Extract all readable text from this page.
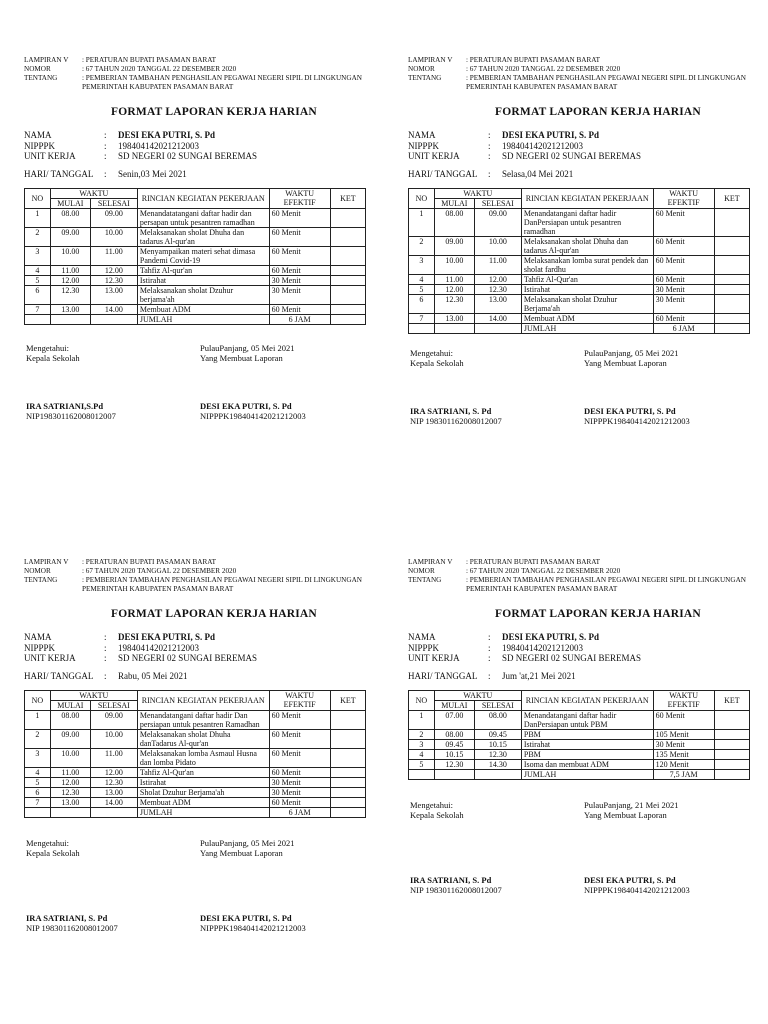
LAMPIRAN V	: PERATURAN BUPATI PASAMAN BARAT
NOMOR	: 67 TAHUN 2020 TANGGAL 22 DESEMBER 2020
TENTANG	: PEMBERIAN TAMBAHAN PENGHASILAN PEGAWAI NEGERI SIPIL DI LINGKUNGAN PEMERINTAH KABUPATEN PASAMAN BARAT
FORMAT LAPORAN KERJA HARIAN
NAMA	:	DESI EKA PUTRI, S. Pd
NIPPPK	:	198404142021212003
UNIT KERJA	:	SD NEGERI 02 SUNGAI BEREMAS
HARI/ TANGGAL	:	Senin,03 Mei 2021
NO	WAKTU		RINCIAN KEGIATAN PEKERJAAN	WAKTU EFEKTIF	KET
	MULAI	SELESAI			
1	08.00	09.00	Menandatatangani daftar hadir dan persapan untuk pesantren ramadhan	60 Menit	
2	09.00	10.00	Melaksanakan sholat Dhuha dan tadarus Al-qur'an	60 Menit	
3	10.00	11.00	Menyampaikan materi sehat dimasa Pandemi Covid-19	60 Menit	
4	11.00	12.00	Tahfiz Al-qur'an	60 Menit	
5	12.00	12.30	Istirahat	30 Menit	
6	12.30	13.00	Melaksanakan sholat Dzuhur berjama'ah	30 Menit	
7	13.00	14.00	Membuat ADM	60 Menit	
			JUMLAH	6 JAM	
Mengetahui:
Kepala Sekolah
IRA SATRIANI,S.Pd
NIP198301162008012007
PulauPanjang, 05 Mei 2021
Yang Membuat Laporan
DESI EKA PUTRI, S. Pd
NIPPPK198404142021212003
LAMPIRAN V	: PERATURAN BUPATI PASAMAN BARAT
NOMOR	: 67 TAHUN 2020 TANGGAL 22 DESEMBER 2020
TENTANG	: PEMBERIAN TAMBAHAN PENGHASILAN PEGAWAI NEGERI SIPIL DI LINGKUNGAN PEMERINTAH KABUPATEN PASAMAN BARAT
FORMAT LAPORAN KERJA HARIAN
NAMA	:	DESI EKA PUTRI, S. Pd
NIPPPK	:	198404142021212003
UNIT KERJA	:	SD NEGERI 02 SUNGAI BEREMAS
HARI/ TANGGAL	:	Selasa,04 Mei 2021
NO	WAKTU		RINCIAN KEGIATAN PEKERJAAN	WAKTU EFEKTIF	KET
	MULAI	SELESAI			
1	08.00	09.00	Menandatangani daftar hadir DanPersiapan untuk pesantren ramadhan	60 Menit	
2	09.00	10.00	Melaksanakan sholat Dhuha dan tadarus Al-qur'an	60 Menit	
3	10.00	11.00	Melaksanakan lomba surat pendek dan sholat fardhu	60 Menit	
4	11.00	12.00	Tahfiz Al-Qur'an	60 Menit	
5	12.00	12.30	Istirahat	30 Menit	
6	12.30	13.00	Melaksanakan sholat Dzuhur Berjama'ah	30 Menit	
7	13.00	14.00	Membuat ADM	60 Menit	
			JUMLAH	6 JAM	
Mengetahui:
Kepala Sekolah
IRA SATRIANI, S. Pd
NIP 198301162008012007
PulauPanjang, 05 Mei 2021
Yang Membuat Laporan
DESI EKA PUTRI, S. Pd
NIPPPK198404142021212003
LAMPIRAN V	: PERATURAN BUPATI PASAMAN BARAT
NOMOR	: 67 TAHUN 2020 TANGGAL 22 DESEMBER 2020
TENTANG	: PEMBERIAN TAMBAHAN PENGHASILAN PEGAWAI NEGERI SIPIL DI LINGKUNGAN PEMERINTAH KABUPATEN PASAMAN BARAT
FORMAT LAPORAN KERJA HARIAN
NAMA	:	DESI EKA PUTRI, S. Pd
NIPPPK	:	198404142021212003
UNIT KERJA	:	SD NEGERI 02 SUNGAI BEREMAS
HARI/ TANGGAL	:	Rabu, 05 Mei 2021
NO	WAKTU		RINCIAN KEGIATAN PEKERJAAN	WAKTU EFEKTIF	KET
	MULAI	SELESAI			
1	08.00	09.00	Menandatangani daftar hadir Dan persiapan untuk pesantren Ramadhan	60 Menit	
2	09.00	10.00	Melaksanakan sholat Dhuha danTadarus Al-qur'an	60 Menit	
3	10.00	11.00	Melaksanakan lomba Asmaul Husna dan lomba Pidato	60 Menit	
4	11.00	12.00	Tahfiz Al-Qur'an	60 Menit	
5	12.00	12.30	Istirahat	30 Menit	
6	12.30	13.00	Sholat Dzuhur Berjama'ah	30 Menit	
7	13.00	14.00	Membuat ADM	60 Menit	
			JUMLAH	6 JAM	
Mengetahui:
Kepala Sekolah
IRA SATRIANI, S. Pd
NIP 198301162008012007
PulauPanjang, 05 Mei 2021
Yang Membuat Laporan
DESI EKA PUTRI, S. Pd
NIPPPK198404142021212003
LAMPIRAN V	: PERATURAN BUPATI PASAMAN BARAT
NOMOR	: 67 TAHUN 2020 TANGGAL 22 DESEMBER 2020
TENTANG	: PEMBERIAN TAMBAHAN PENGHASILAN PEGAWAI NEGERI SIPIL DI LINGKUNGAN PEMERINTAH KABUPATEN PASAMAN BARAT
FORMAT LAPORAN KERJA HARIAN
NAMA	:	DESI EKA PUTRI, S. Pd
NIPPPK	:	198404142021212003
UNIT KERJA	:	SD NEGERI 02 SUNGAI BEREMAS
HARI/ TANGGAL	:	Jum 'at,21 Mei 2021
NO	WAKTU		RINCIAN KEGIATAN PEKERJAAN	WAKTU EFEKTIF	KET
	MULAI	SELESAI			
1	07.00	08.00	Menandatangani daftar hadir DanPersiapan untuk PBM	60 Menit	
2	08.00	09.45	PBM	105 Menit	
3	09.45	10.15	Istirahat	30 Menit	
4	10.15	12.30	PBM	135 Menit	
5	12.30	14.30	Isoma dan membuat ADM	120 Menit	
			JUMLAH	7,5 JAM	
Mengetahui:
Kepala Sekolah
IRA SATRIANI, S. Pd
NIP 198301162008012007
PulauPanjang, 21 Mei 2021
Yang Membuat Laporan
DESI EKA PUTRI, S. Pd
NIPPPK198404142021212003
